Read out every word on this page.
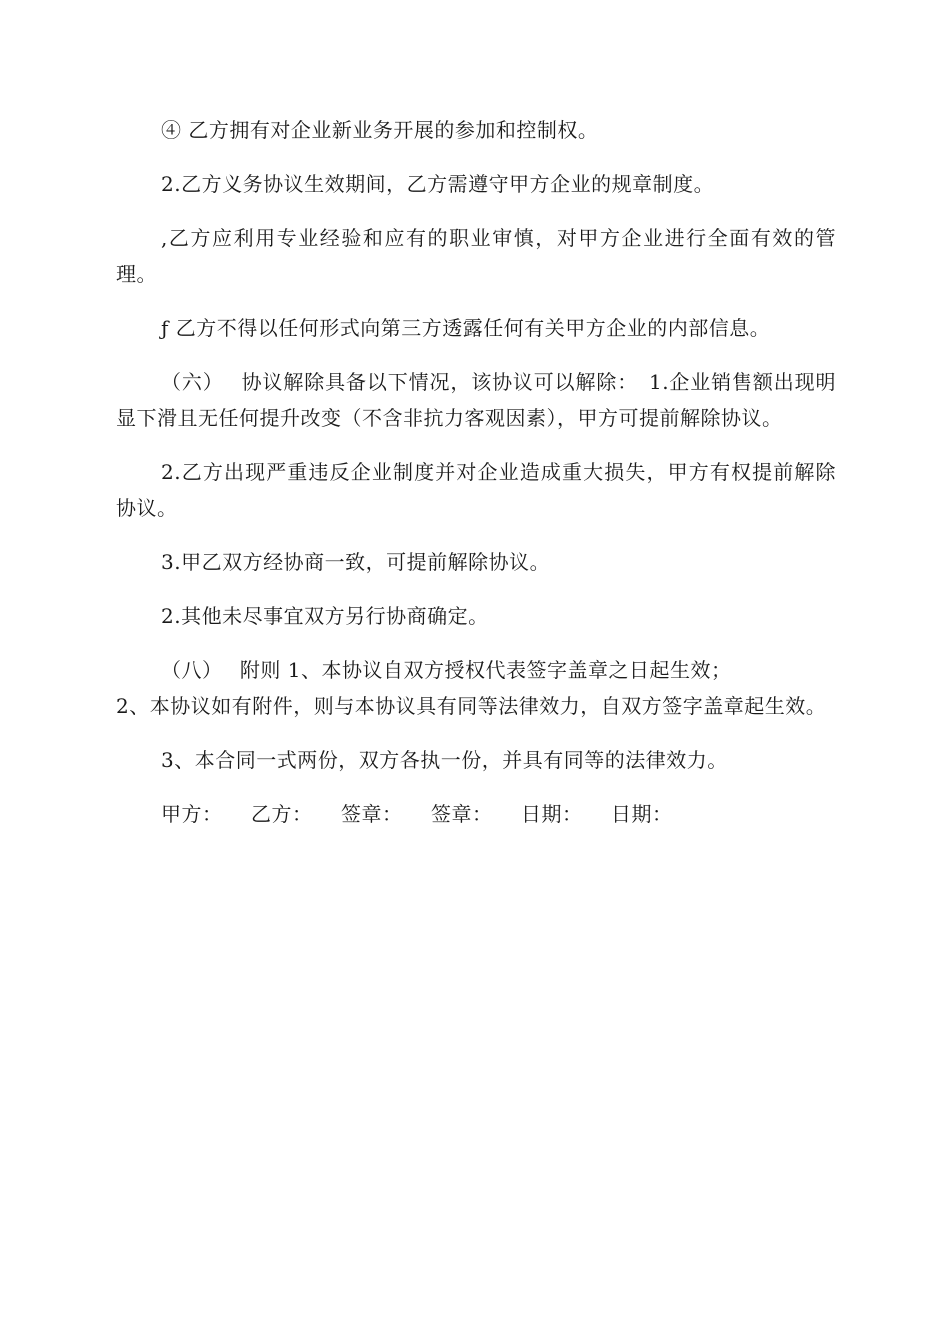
④ 乙方拥有对企业新业务开展的参加和控制权。

2.乙方义务协议生效期间，乙方需遵守甲方企业的规章制度。

,乙方应利用专业经验和应有的职业审慎，对甲方企业进行全面有效的管理。

ƒ 乙方不得以任何形式向第三方透露任何有关甲方企业的内部信息。

（六）　 协议解除具备以下情况，该协议可以解除：　1.企业销售额出现明显下滑且无任何提升改变（不含非抗力客观因素），甲方可提前解除协议。

2.乙方出现严重违反企业制度并对企业造成重大损失，甲方有权提前解除协议。

3.甲乙双方经协商一致，可提前解除协议。

2.其他未尽事宜双方另行协商确定。

（八）　 附则 1、本协议自双方授权代表签字盖章之日起生效；

2、本协议如有附件，则与本协议具有同等法律效力，自双方签字盖章起生效。

3、本合同一式两份，双方各执一份，并具有同等的法律效力。

甲方：	乙方：	签章：	签章：	日期：	日期：
